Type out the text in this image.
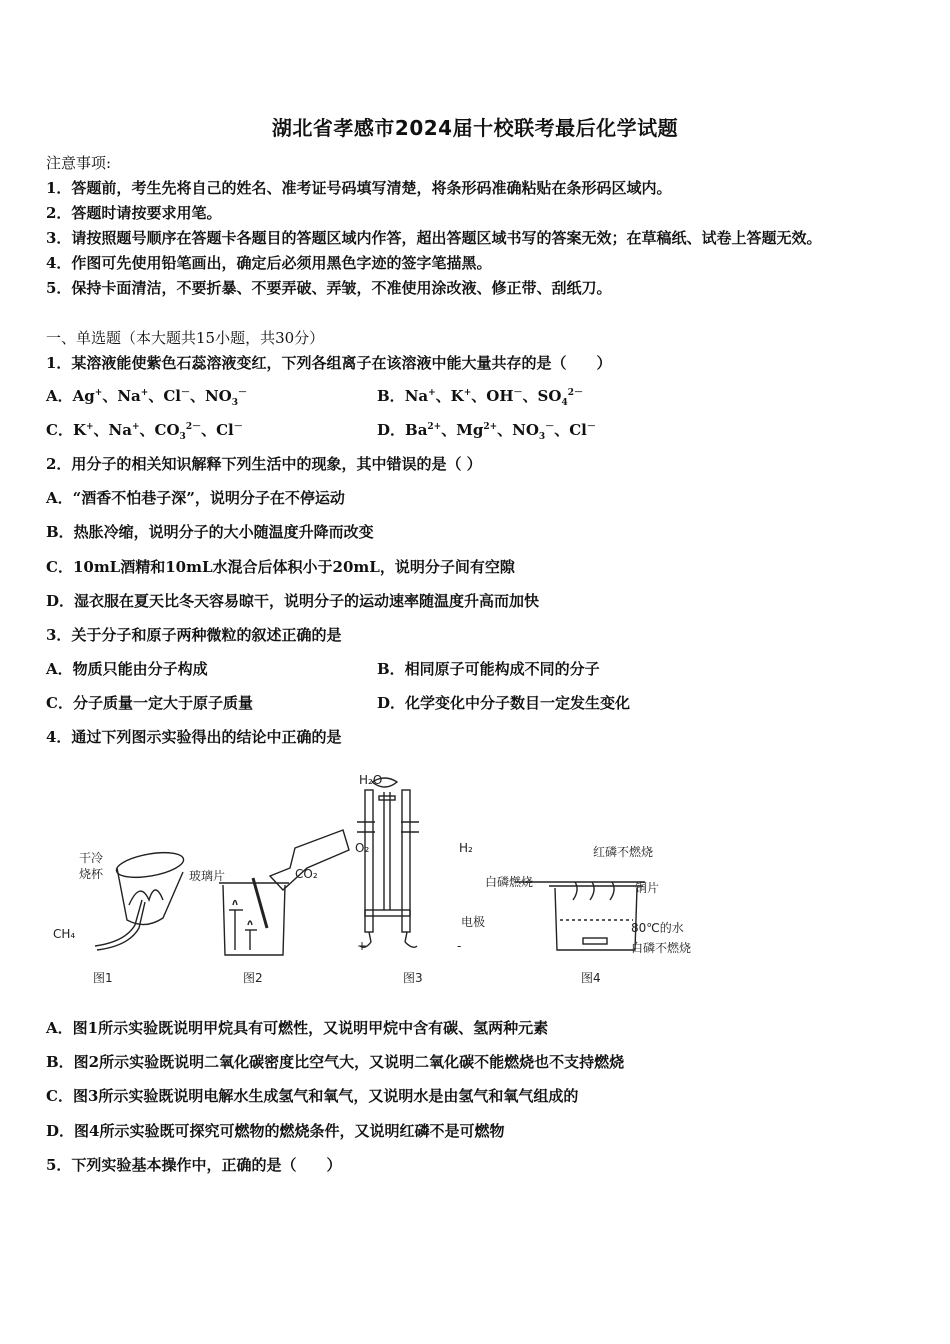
湖北省孝感市2024届十校联考最后化学试题
注意事项:
1．答题前，考生先将自己的姓名、准考证号码填写清楚，将条形码准确粘贴在条形码区域内。
2．答题时请按要求用笔。
3．请按照题号顺序在答题卡各题目的答题区域内作答，超出答题区域书写的答案无效；在草稿纸、试卷上答题无效。
4．作图可先使用铅笔画出，确定后必须用黑色字迹的签字笔描黑。
5．保持卡面清洁，不要折暴、不要弄破、弄皱，不准使用涂改液、修正带、刮纸刀。
一、单选题（本大题共15小题，共30分）
1．某溶液能使紫色石蕊溶液变红，下列各组离子在该溶液中能大量共存的是（　　）
A．Ag+、Na+、Cl－、$NO_3^-$	B．Na+、K+、OH－、$SO_4^{2-}$
C．K+、Na+、$CO_3^{2-}$、Cl－	D．$Ba^{2+}$、$Mg^{2+}$、$NO_3^-$、Cl－
2．用分子的相关知识解释下列生活中的现象，其中错误的是（ ）
A．“酒香不怕巷子深”，说明分子在不停运动
B．热胀冷缩，说明分子的大小随温度升降而改变
C．10mL酒精和10mL水混合后体积小于20mL，说明分子间有空隙
D．湿衣服在夏天比冬天容易晾干，说明分子的运动速率随温度升高而加快
3．关于分子和原子两种微粒的叙述正确的是
A．物质只能由分子构成	B．相同原子可能构成不同的分子
C．分子质量一定大于原子质量	D．化学变化中分子数目一定发生变化
4．通过下列图示实验得出的结论中正确的是
干冷
烧杯
CH₄
玻璃片	CO₂
H₂O
O₂	H₂
电极
+	-
红磷不燃烧
白磷燃烧	铜片
80℃的水
白磷不燃烧
图1	图2	图3	图4
A．图1所示实验既说明甲烷具有可燃性，又说明甲烷中含有碳、氢两种元素
B．图2所示实验既说明二氧化碳密度比空气大，又说明二氧化碳不能燃烧也不支持燃烧
C．图3所示实验既说明电解水生成氢气和氧气，又说明水是由氢气和氧气组成的
D．图4所示实验既可探究可燃物的燃烧条件，又说明红磷不是可燃物
5．下列实验基本操作中，正确的是（　　）
